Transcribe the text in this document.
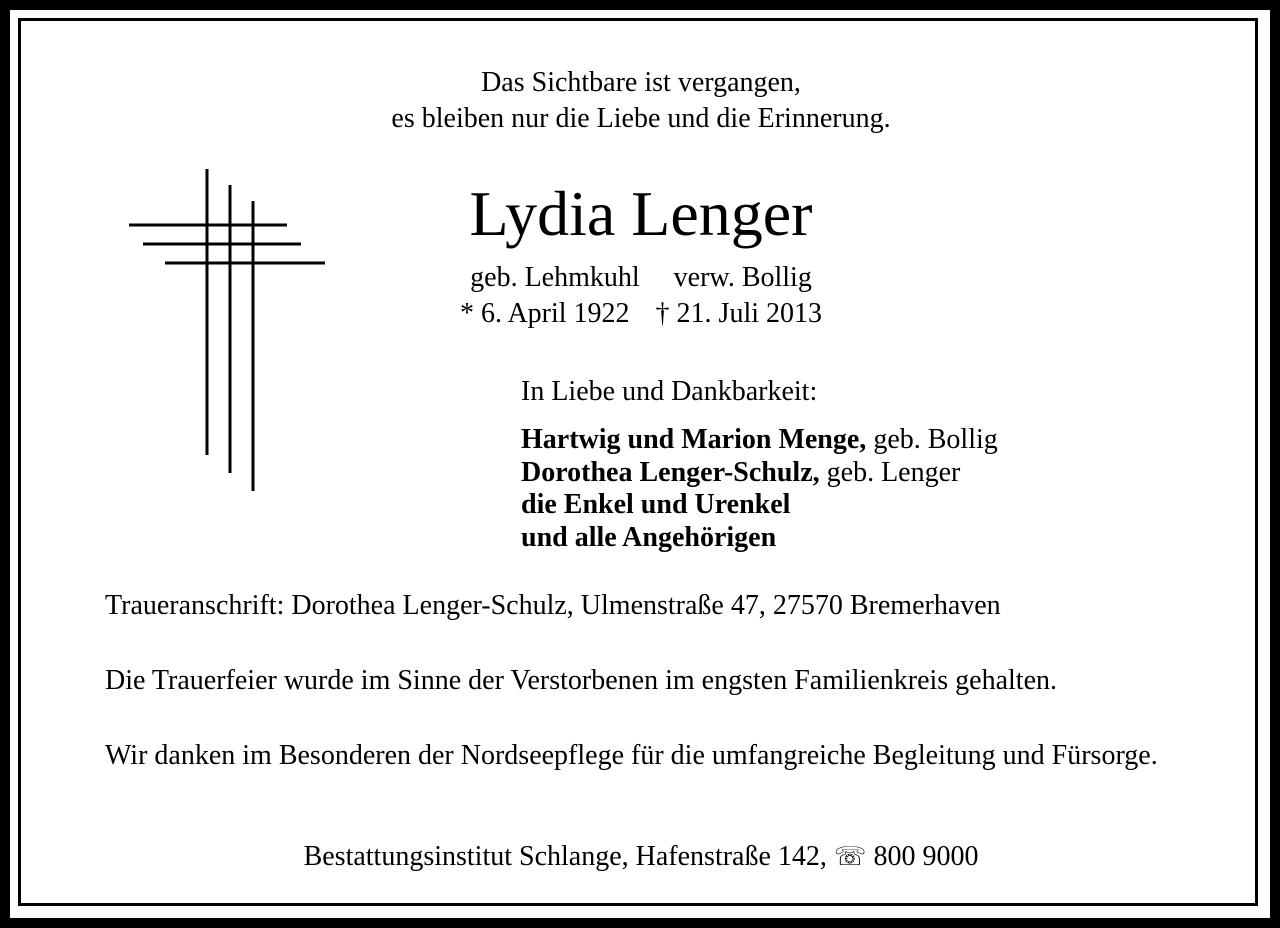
Das Sichtbare ist vergangen,
es bleiben nur die Liebe und die Erinnerung.
Lydia Lenger
geb. Lehmkuhl verw. Bollig
* 6. April 1922 † 21. Juli 2013
In Liebe und Dankbarkeit:
Hartwig und Marion Menge, geb. Bollig
Dorothea Lenger-Schulz, geb. Lenger
die Enkel und Urenkel
und alle Angehörigen
Traueranschrift: Dorothea Lenger-Schulz, Ulmenstraße 47, 27570 Bremerhaven

Die Trauerfeier wurde im Sinne der Verstorbenen im engsten Familienkreis gehalten.

Wir danken im Besonderen der Nordseepflege für die umfangreiche Begleitung und Fürsorge.

Bestattungsinstitut Schlange, Hafenstraße 142, ☏ 800 9000
